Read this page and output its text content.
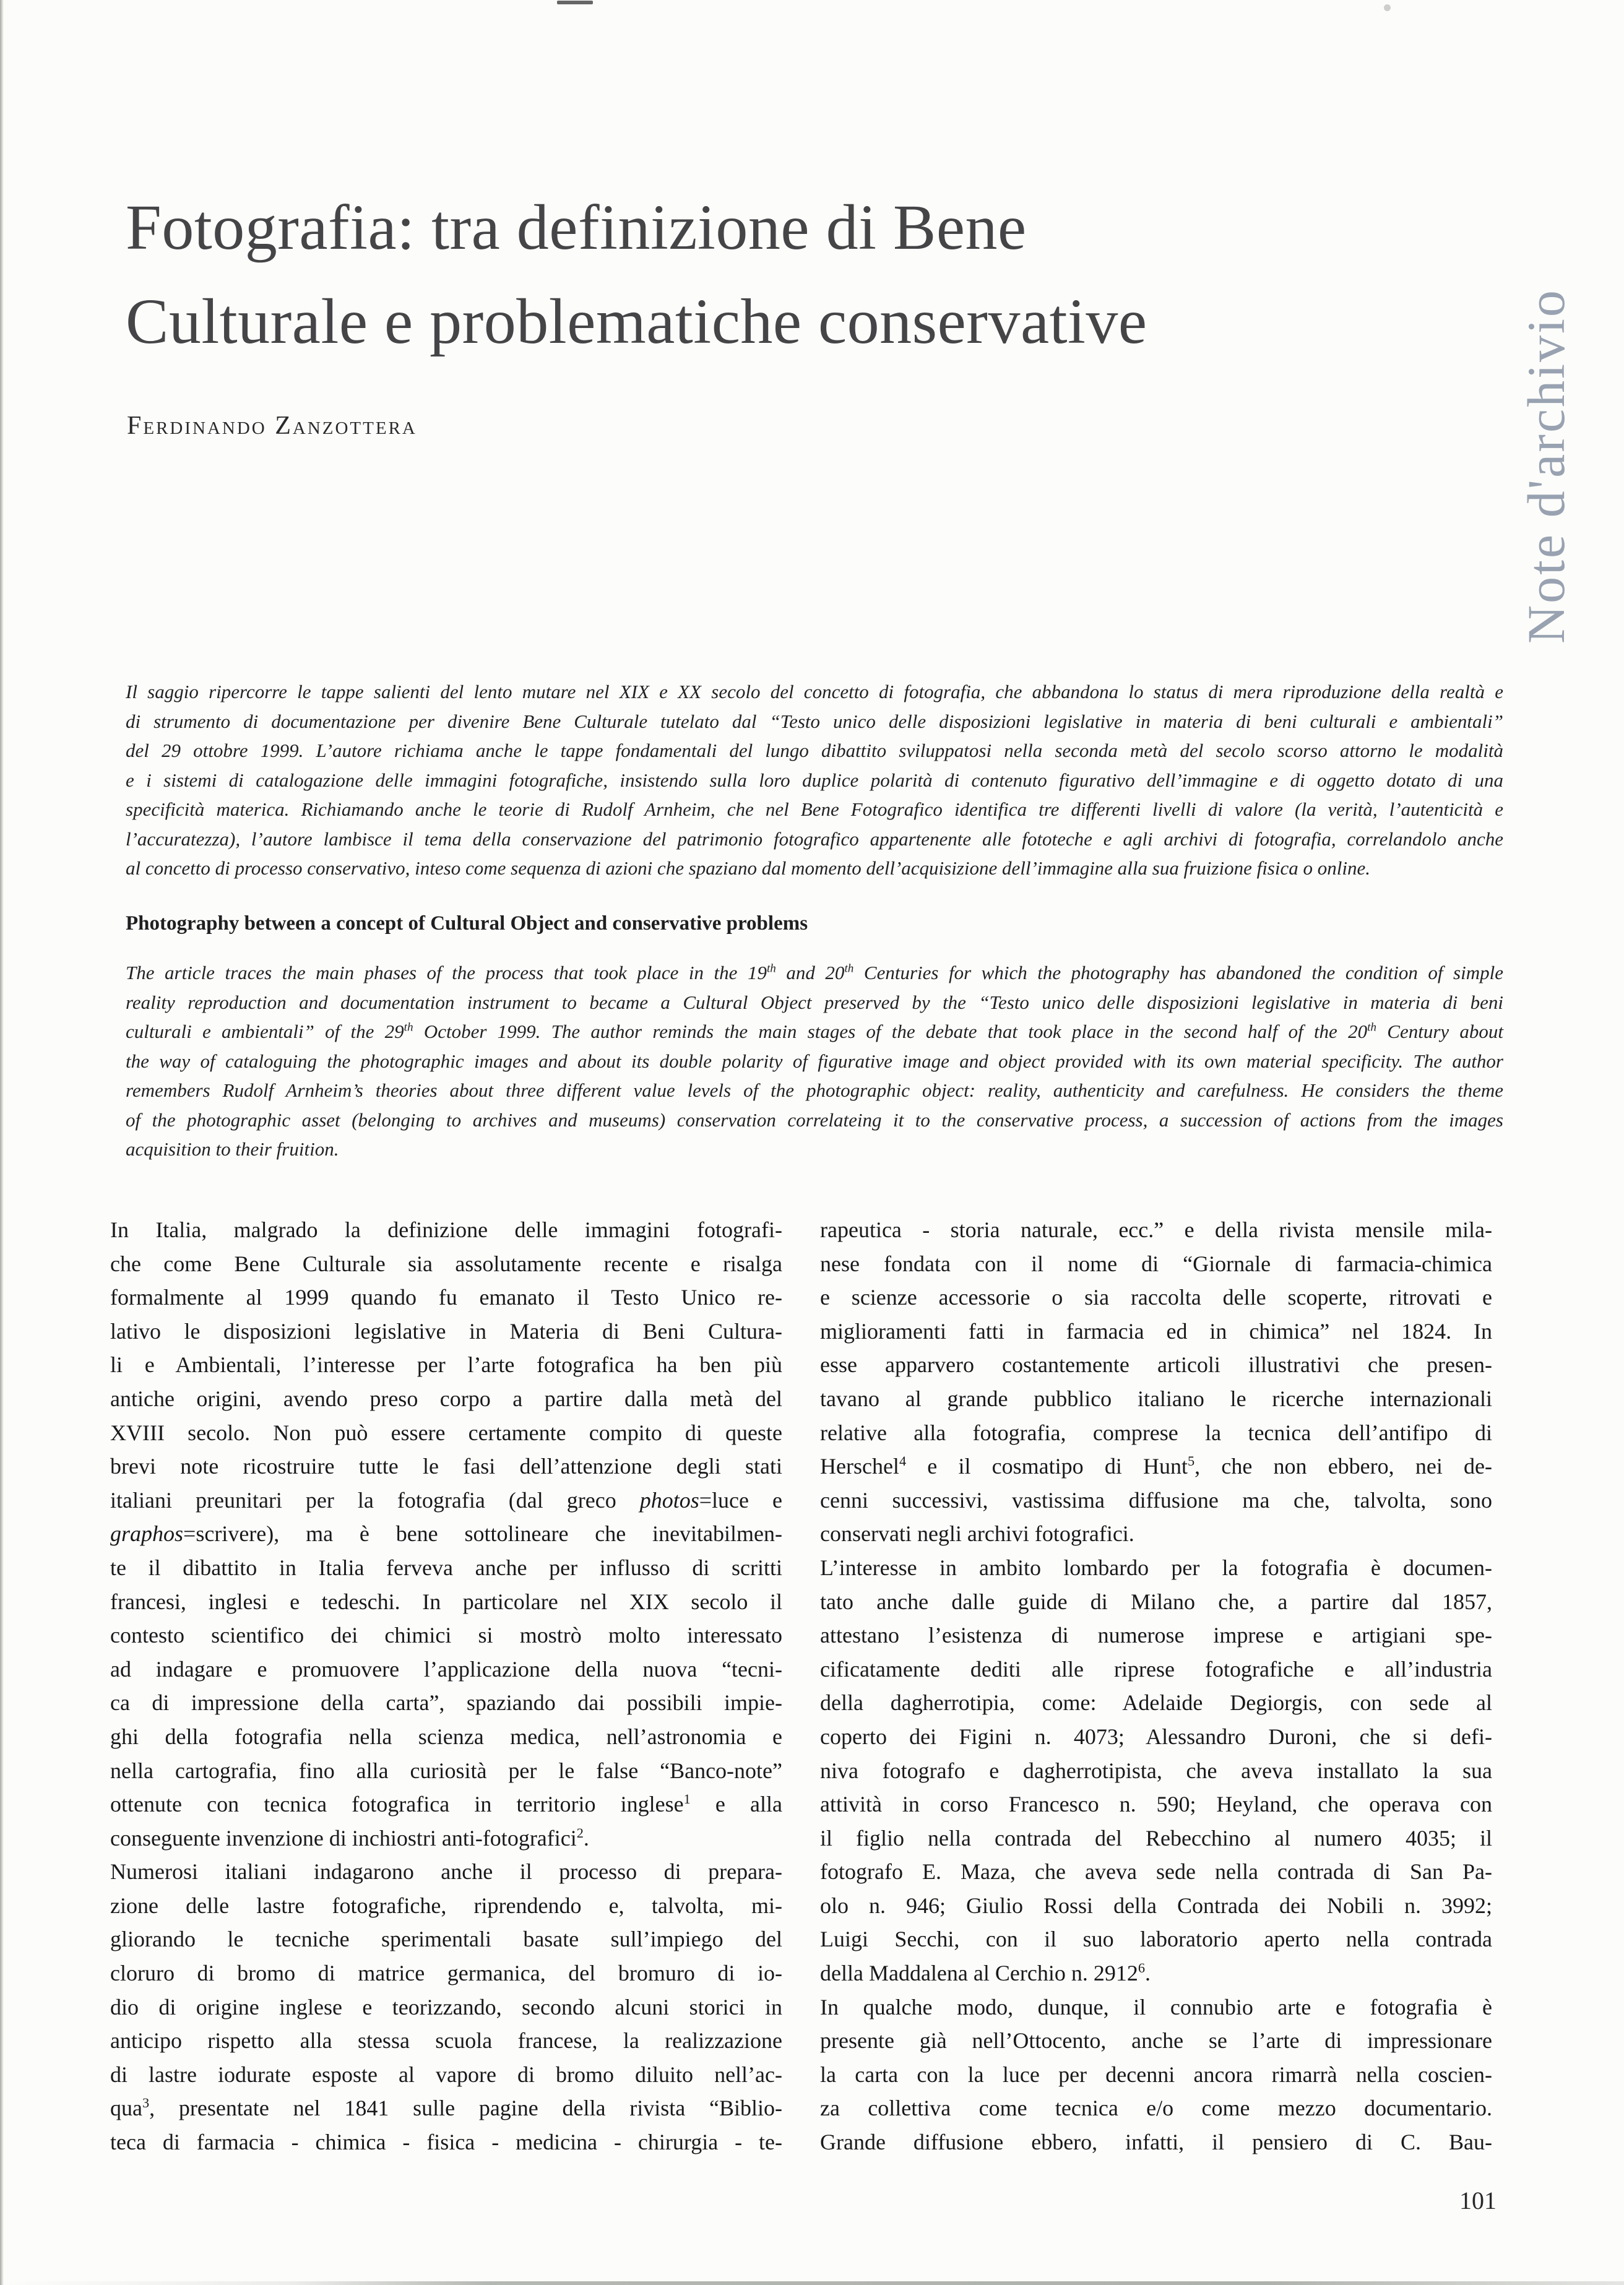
Fotografia: tra definizione di Bene
Culturale e problematiche conservative
Ferdinando Zanzottera	Note d'archivio
Il saggio ripercorre le tappe salienti del lento mutare nel XIX e XX secolo del concetto di fotografia, che abbandona lo status di mera riproduzione della realtà e
di strumento di documentazione per divenire Bene Culturale tutelato dal “Testo unico delle disposizioni legislative in materia di beni culturali e ambientali”
del 29 ottobre 1999. L’autore richiama anche le tappe fondamentali del lungo dibattito sviluppatosi nella seconda metà del secolo scorso attorno le modalità
e i sistemi di catalogazione delle immagini fotografiche, insistendo sulla loro duplice polarità di contenuto figurativo dell’immagine e di oggetto dotato di una
specificità materica. Richiamando anche le teorie di Rudolf Arnheim, che nel Bene Fotografico identifica tre differenti livelli di valore (la verità, l’autenticità e
l’accuratezza), l’autore lambisce il tema della conservazione del patrimonio fotografico appartenente alle fototeche e agli archivi di fotografia, correlandolo anche
al concetto di processo conservativo, inteso come sequenza di azioni che spaziano dal momento dell’acquisizione dell’immagine alla sua fruizione fisica o online.
Photography between a concept of Cultural Object and conservative problems
The article traces the main phases of the process that took place in the 19th and 20th Centuries for which the photography has abandoned the condition of simple
reality reproduction and documentation instrument to became a Cultural Object preserved by the “Testo unico delle disposizioni legislative in materia di beni
culturali e ambientali” of the 29th October 1999. The author reminds the main stages of the debate that took place in the second half of the 20th Century about
the way of cataloguing the photographic images and about its double polarity of figurative image and object provided with its own material specificity. The author
remembers Rudolf Arnheim’s theories about three different value levels of the photographic object: reality, authenticity and carefulness. He considers the theme
of the photographic asset (belonging to archives and museums) conservation correlateing it to the conservative process, a succession of actions from the images
acquisition to their fruition.
In Italia, malgrado la definizione delle immagini fotografi-
che come Bene Culturale sia assolutamente recente e risalga
formalmente al 1999 quando fu emanato il Testo Unico re-
lativo le disposizioni legislative in Materia di Beni Cultura-
li e Ambientali, l’interesse per l’arte fotografica ha ben più
antiche origini, avendo preso corpo a partire dalla metà del
XVIII secolo. Non può essere certamente compito di queste
brevi note ricostruire tutte le fasi dell’attenzione degli stati
italiani preunitari per la fotografia (dal greco photos=luce e
graphos=scrivere), ma è bene sottolineare che inevitabilmen-
te il dibattito in Italia ferveva anche per influsso di scritti
francesi, inglesi e tedeschi. In particolare nel XIX secolo il
contesto scientifico dei chimici si mostrò molto interessato
ad indagare e promuovere l’applicazione della nuova “tecni-
ca di impressione della carta”, spaziando dai possibili impie-
ghi della fotografia nella scienza medica, nell’astronomia e
nella cartografia, fino alla curiosità per le false “Banco-note”
ottenute con tecnica fotografica in territorio inglese$^1$ e alla
conseguente invenzione di inchiostri anti-fotografici$^2$.
Numerosi italiani indagarono anche il processo di prepara-
zione delle lastre fotografiche, riprendendo e, talvolta, mi-
gliorando le tecniche sperimentali basate sull’impiego del
cloruro di bromo di matrice germanica, del bromuro di io-
dio di origine inglese e teorizzando, secondo alcuni storici in
anticipo rispetto alla stessa scuola francese, la realizzazione
di lastre iodurate esposte al vapore di bromo diluito nell’ac-
qua$^3$, presentate nel 1841 sulle pagine della rivista “Biblio-
teca di farmacia - chimica - fisica - medicina - chirurgia - te-
rapeutica - storia naturale, ecc.” e della rivista mensile mila-
nese fondata con il nome di “Giornale di farmacia-chimica
e scienze accessorie o sia raccolta delle scoperte, ritrovati e
miglioramenti fatti in farmacia ed in chimica” nel 1824. In
esse apparvero costantemente articoli illustrativi che presen-
tavano al grande pubblico italiano le ricerche internazionali
relative alla fotografia, comprese la tecnica dell’antifipo di
Herschel$^4$ e il cosmatipo di Hunt$^5$, che non ebbero, nei de-
cenni successivi, vastissima diffusione ma che, talvolta, sono
conservati negli archivi fotografici.
L’interesse in ambito lombardo per la fotografia è documen-
tato anche dalle guide di Milano che, a partire dal 1857,
attestano l’esistenza di numerose imprese e artigiani spe-
cificatamente dediti alle riprese fotografiche e all’industria
della dagherrotipia, come: Adelaide Degiorgis, con sede al
coperto dei Figini n. 4073; Alessandro Duroni, che si defi-
niva fotografo e dagherrotipista, che aveva installato la sua
attività in corso Francesco n. 590; Heyland, che operava con
il figlio nella contrada del Rebecchino al numero 4035; il
fotografo E. Maza, che aveva sede nella contrada di San Pa-
olo n. 946; Giulio Rossi della Contrada dei Nobili n. 3992;
Luigi Secchi, con il suo laboratorio aperto nella contrada
della Maddalena al Cerchio n. 2912$^6$.
In qualche modo, dunque, il connubio arte e fotografia è
presente già nell’Ottocento, anche se l’arte di impressionare
la carta con la luce per decenni ancora rimarrà nella coscien-
za collettiva come tecnica e/o come mezzo documentario.
Grande diffusione ebbero, infatti, il pensiero di C. Bau-
101
